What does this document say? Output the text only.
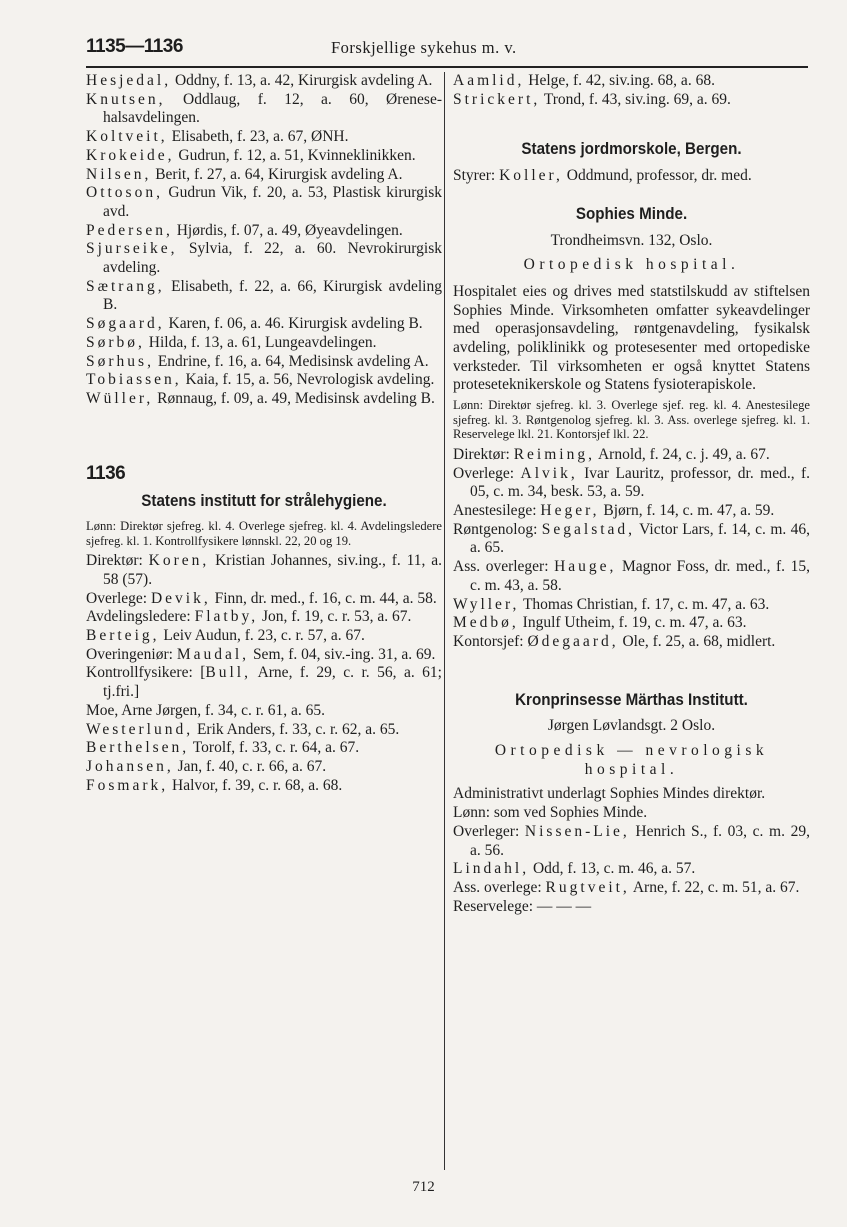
1135—1136	Forskjellige sykehus m. v.

Hesjedal, Oddny, f. 13, a. 42, Kirurgisk avdeling A.

Knutsen, Oddlaug, f. 12, a. 60, Ørenese-halsavdelingen.

Koltveit, Elisabeth, f. 23, a. 67, ØNH.

Krokeide, Gudrun, f. 12, a. 51, Kvinneklinikken.

Nilsen, Berit, f. 27, a. 64, Kirurgisk avdeling A.

Ottoson, Gudrun Vik, f. 20, a. 53, Plastisk kirurgisk avd.

Pedersen, Hjørdis, f. 07, a. 49, Øyeavdelingen.

Sjurseike, Sylvia, f. 22, a. 60. Nevrokirurgisk avdeling.

Sætrang, Elisabeth, f. 22, a. 66, Kirurgisk avdeling B.

Søgaard, Karen, f. 06, a. 46. Kirurgisk avdeling B.

Sørbø, Hilda, f. 13, a. 61, Lungeavdelingen.

Sørhus, Endrine, f. 16, a. 64, Medisinsk avdeling A.

Tobiassen, Kaia, f. 15, a. 56, Nevrologisk avdeling.

Wüller, Rønnaug, f. 09, a. 49, Medisinsk avdeling B.

1136
Statens institutt for strålehygiene.
Lønn: Direktør sjefreg. kl. 4. Overlege sjefreg. kl. 4. Avdelingsledere sjefreg. kl. 1. Kontrollfysikere lønnskl. 22, 20 og 19.

Direktør: Koren, Kristian Johannes, siv.ing., f. 11, a. 58 (57).

Overlege: Devik, Finn, dr. med., f. 16, c. m. 44, a. 58.

Avdelingsledere: Flatby, Jon, f. 19, c. r. 53, a. 67.

Berteig, Leiv Audun, f. 23, c. r. 57, a. 67.

Overingeniør: Maudal, Sem, f. 04, siv.-ing. 31, a. 69.

Kontrollfysikere: [Bull, Arne, f. 29, c. r. 56, a. 61; tj.fri.]

Moe, Arne Jørgen, f. 34, c. r. 61, a. 65.

Westerlund, Erik Anders, f. 33, c. r. 62, a. 65.

Berthelsen, Torolf, f. 33, c. r. 64, a. 67.

Johansen, Jan, f. 40, c. r. 66, a. 67.

Fosmark, Halvor, f. 39, c. r. 68, a. 68.

Aamlid, Helge, f. 42, siv.ing. 68, a. 68.

Strickert, Trond, f. 43, siv.ing. 69, a. 69.

Statens jordmorskole, Bergen.

Styrer: Koller, Oddmund, professor, dr. med.

Sophies Minde.
Trondheimsvn. 132, Oslo.
Ortopedisk hospital.

Hospitalet eies og drives med statstilskudd av stiftelsen Sophies Minde. Virksomheten omfatter sykeavdelinger med operasjonsavdeling, røntgenavdeling, fysikalsk avdeling, poliklinikk og protesesenter med ortopediske verksteder. Til virksomheten er også knyttet Statens proteseteknikerskole og Statens fysioterapiskole.

Lønn: Direktør sjefreg. kl. 3. Overlege sjef. reg. kl. 4. Anestesilege sjefreg. kl. 3. Røntgenolog sjefreg. kl. 3. Ass. overlege sjefreg. kl. 1. Reservelege lkl. 21. Kontorsjef lkl. 22.

Direktør: Reiming, Arnold, f. 24, c. j. 49, a. 67.

Overlege: Alvik, Ivar Lauritz, professor, dr. med., f. 05, c. m. 34, besk. 53, a. 59.

Anestesilege: Heger, Bjørn, f. 14, c. m. 47, a. 59.

Røntgenolog: Segalstad, Victor Lars, f. 14, c. m. 46, a. 65.

Ass. overleger: Hauge, Magnor Foss, dr. med., f. 15, c. m. 43, a. 58.

Wyller, Thomas Christian, f. 17, c. m. 47, a. 63.

Medbø, Ingulf Utheim, f. 19, c. m. 47, a. 63.

Kontorsjef: Ødegaard, Ole, f. 25, a. 68, midlert.

Kronprinsesse Märthas Institutt.
Jørgen Løvlandsgt. 2 Oslo.
Ortopedisk — nevrologisk hospital.

Administrativt underlagt Sophies Mindes direktør.

Lønn: som ved Sophies Minde.

Overleger: Nissen-Lie, Henrich S., f. 03, c. m. 29, a. 56.

Lindahl, Odd, f. 13, c. m. 46, a. 57.

Ass. overlege: Rugtveit, Arne, f. 22, c. m. 51, a. 67.

Reservelege: — — —

712
